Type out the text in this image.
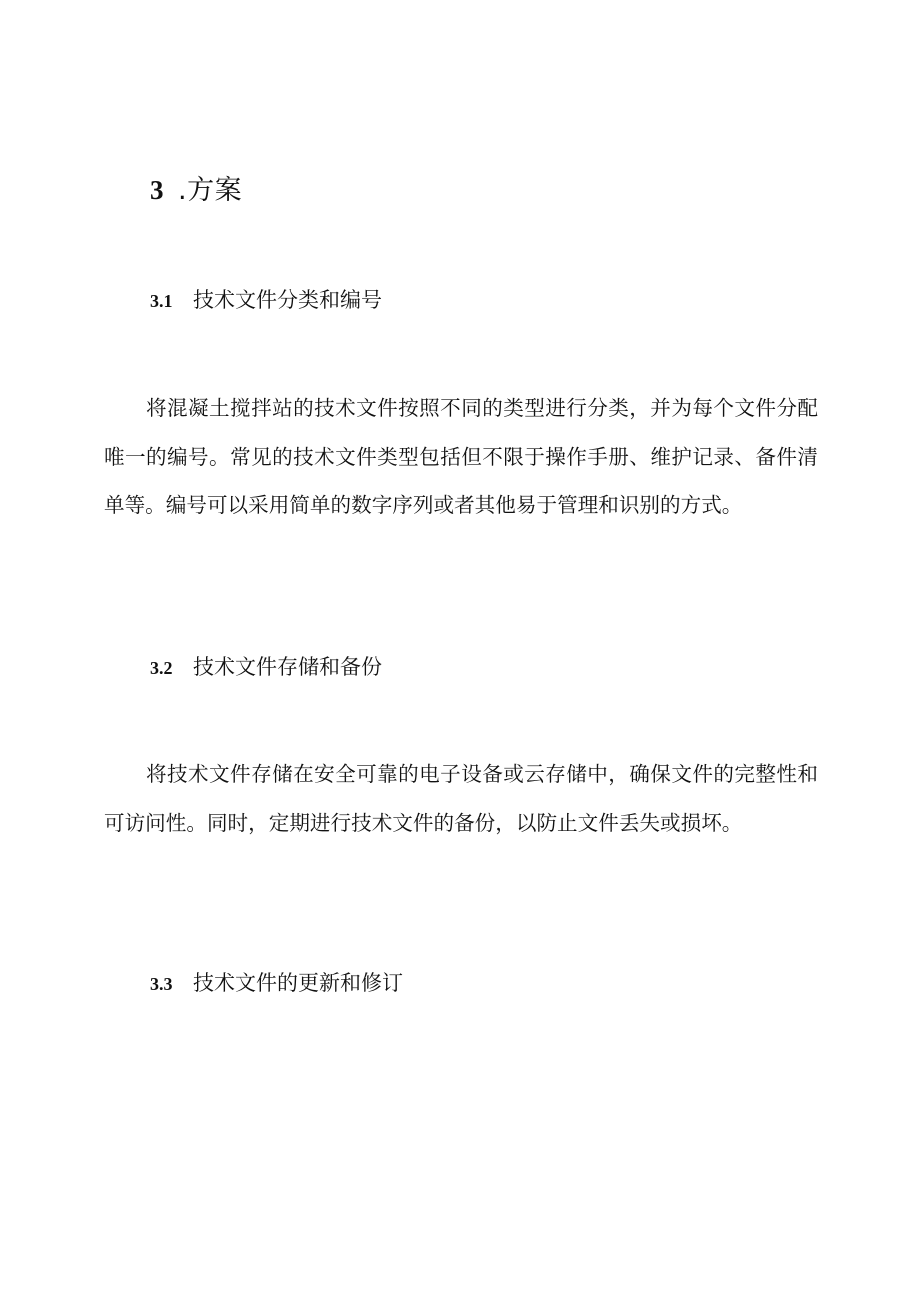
3 .方案
3.1 技术文件分类和编号

将混凝土搅拌站的技术文件按照不同的类型进行分类，并为每个文件分配唯一的编号。常见的技术文件类型包括但不限于操作手册、维护记录、备件清单等。编号可以采用简单的数字序列或者其他易于管理和识别的方式。

3.2 技术文件存储和备份

将技术文件存储在安全可靠的电子设备或云存储中，确保文件的完整性和可访问性。同时，定期进行技术文件的备份，以防止文件丢失或损坏。

3.3 技术文件的更新和修订
